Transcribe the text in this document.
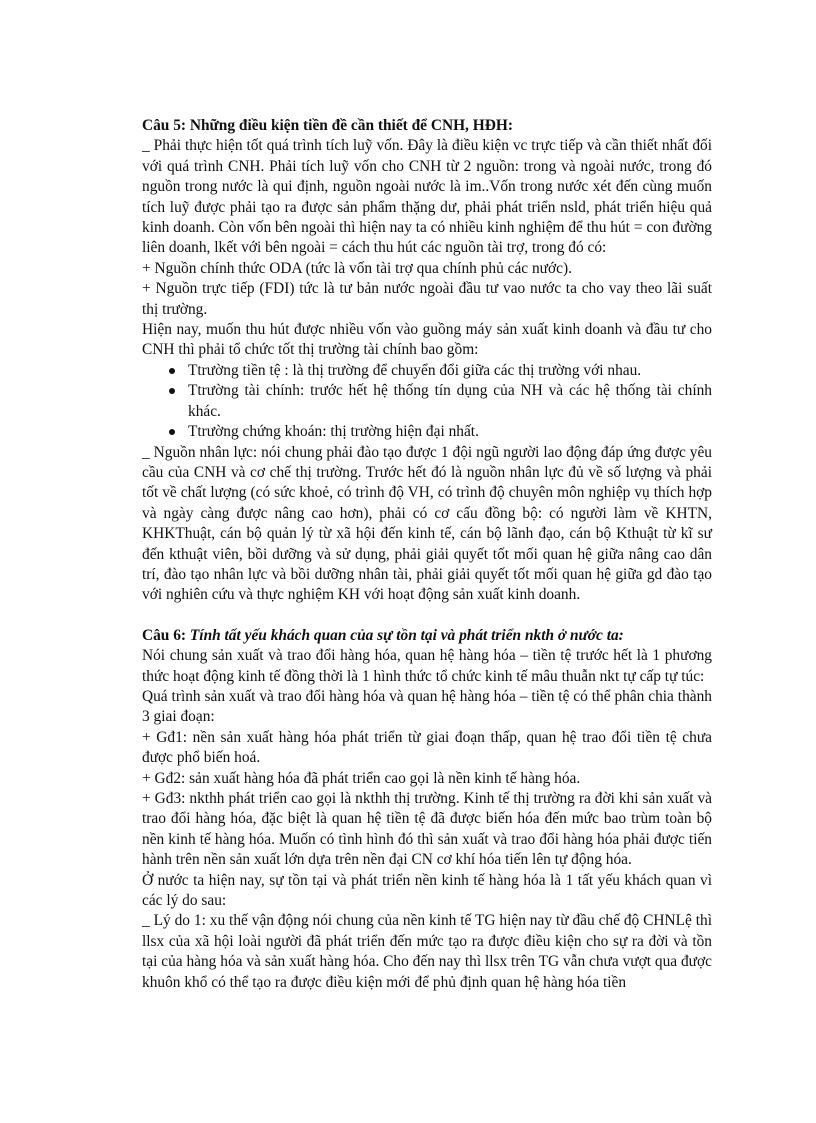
Câu 5: Những điều kiện tiền đề cần thiết để CNH, HĐH:

_ Phải thực hiện tốt quá trình tích luỹ vốn. Đây là điều kiện vc trực tiếp và cần thiết nhất đối với quá trình CNH. Phải tích luỹ vốn cho CNH từ 2 nguồn: trong và ngoài nước, trong đó nguồn trong nước là qui định, nguồn ngoài nước là im..Vốn trong nước xét đến cùng muốn tích luỹ được phải tạo ra được sản phẩm thặng dư, phải phát triển nsld, phát triển hiệu quả kinh doanh. Còn vốn bên ngoài thì hiện nay ta có nhiều kinh nghiệm để thu hút = con đường liên doanh, lkết với bên ngoài = cách thu hút các nguồn tài trợ, trong đó có:

+ Nguồn chính thức ODA (tức là vốn tài trợ qua chính phủ các nước).

+ Nguồn trực tiếp (FDI) tức là tư bản nước ngoài đầu tư vao nước ta cho vay theo lãi suất thị trường.

Hiện nay, muốn thu hút được nhiều vốn vào guồng máy sản xuất kinh doanh và đầu tư cho CNH thì phải tổ chức tốt thị trường tài chính bao gồm:

Ttrường tiền tệ : là thị trường để chuyển đổi giữa các thị trường với nhau.
Ttrường tài chính: trước hết hệ thống tín dụng của NH và các hệ thống tài chính khác.
Ttrường chứng khoán: thị trường hiện đại nhất.

_ Nguồn nhân lực: nói chung phải đào tạo được 1 đội ngũ người lao động đáp ứng được yêu cầu của CNH và cơ chế thị trường. Trước hết đó là nguồn nhân lực đủ về số lượng và phải tốt về chất lượng (có sức khoẻ, có trình độ VH, có trình độ chuyên môn nghiệp vụ thích hợp và ngày càng được nâng cao hơn), phải có cơ cấu đồng bộ: có người làm về KHTN, KHKThuật, cán bộ quản lý từ xã hội đến kinh tế, cán bộ lãnh đạo, cán bộ Kthuật từ kĩ sư đến kthuật viên, bồi dưỡng và sử dụng, phải giải quyết tốt mối quan hệ giữa nâng cao dân trí, đào tạo nhân lực và bồi dưỡng nhân tài, phải giải quyết tốt mối quan hệ giữa gd đào tạo với nghiên cứu và thực nghiệm KH với hoạt động sản xuất kinh doanh.

Câu 6: Tính tất yếu khách quan của sự tồn tại và phát triển nkth ở nước ta:

Nói chung sản xuất và trao đổi hàng hóa, quan hệ hàng hóa – tiền tệ trước hết là 1 phương thức hoạt động kinh tế đồng thời là 1 hình thức tổ chức kinh tế mâu thuẫn nkt tự cấp tự túc:

Quá trình sản xuất và trao đổi hàng hóa và quan hệ hàng hóa – tiền tệ có thể phân chia thành 3 giai đoạn:

+ Gđ1: nền sản xuất hàng hóa phát triển từ giai đoạn thấp, quan hệ trao đổi tiền tệ chưa được phổ biến hoá.

+ Gđ2: sản xuất hàng hóa đã phát triển cao gọi là nền kinh tế hàng hóa.

+ Gđ3: nkthh phát triển cao gọi là nkthh thị trường. Kinh tế thị trường ra đời khi sản xuất và trao đổi hàng hóa, đặc biệt là quan hệ tiền tệ đã được biến hóa đến mức bao trùm toàn bộ nền kinh tế hàng hóa. Muốn có tình hình đó thì sản xuất và trao đổi hàng hóa phải được tiến hành trên nền sản xuất lớn dựa trên nền đại CN cơ khí hóa tiến lên tự động hóa.

Ở nước ta hiện nay, sự tồn tại và phát triển nền kinh tế hàng hóa là 1 tất yếu khách quan vì các lý do sau:

_ Lý do 1: xu thế vận động nói chung của nền kinh tế TG hiện nay từ đầu chế độ CHNLệ thì llsx của xã hội loài người đã phát triển đến mức tạo ra được điều kiện cho sự ra đời và tồn tại của hàng hóa và sản xuất hàng hóa. Cho đến nay thì llsx trên TG vẫn chưa vượt qua được khuôn khổ có thể tạo ra được điều kiện mới để phủ định quan hệ hàng hóa tiền
